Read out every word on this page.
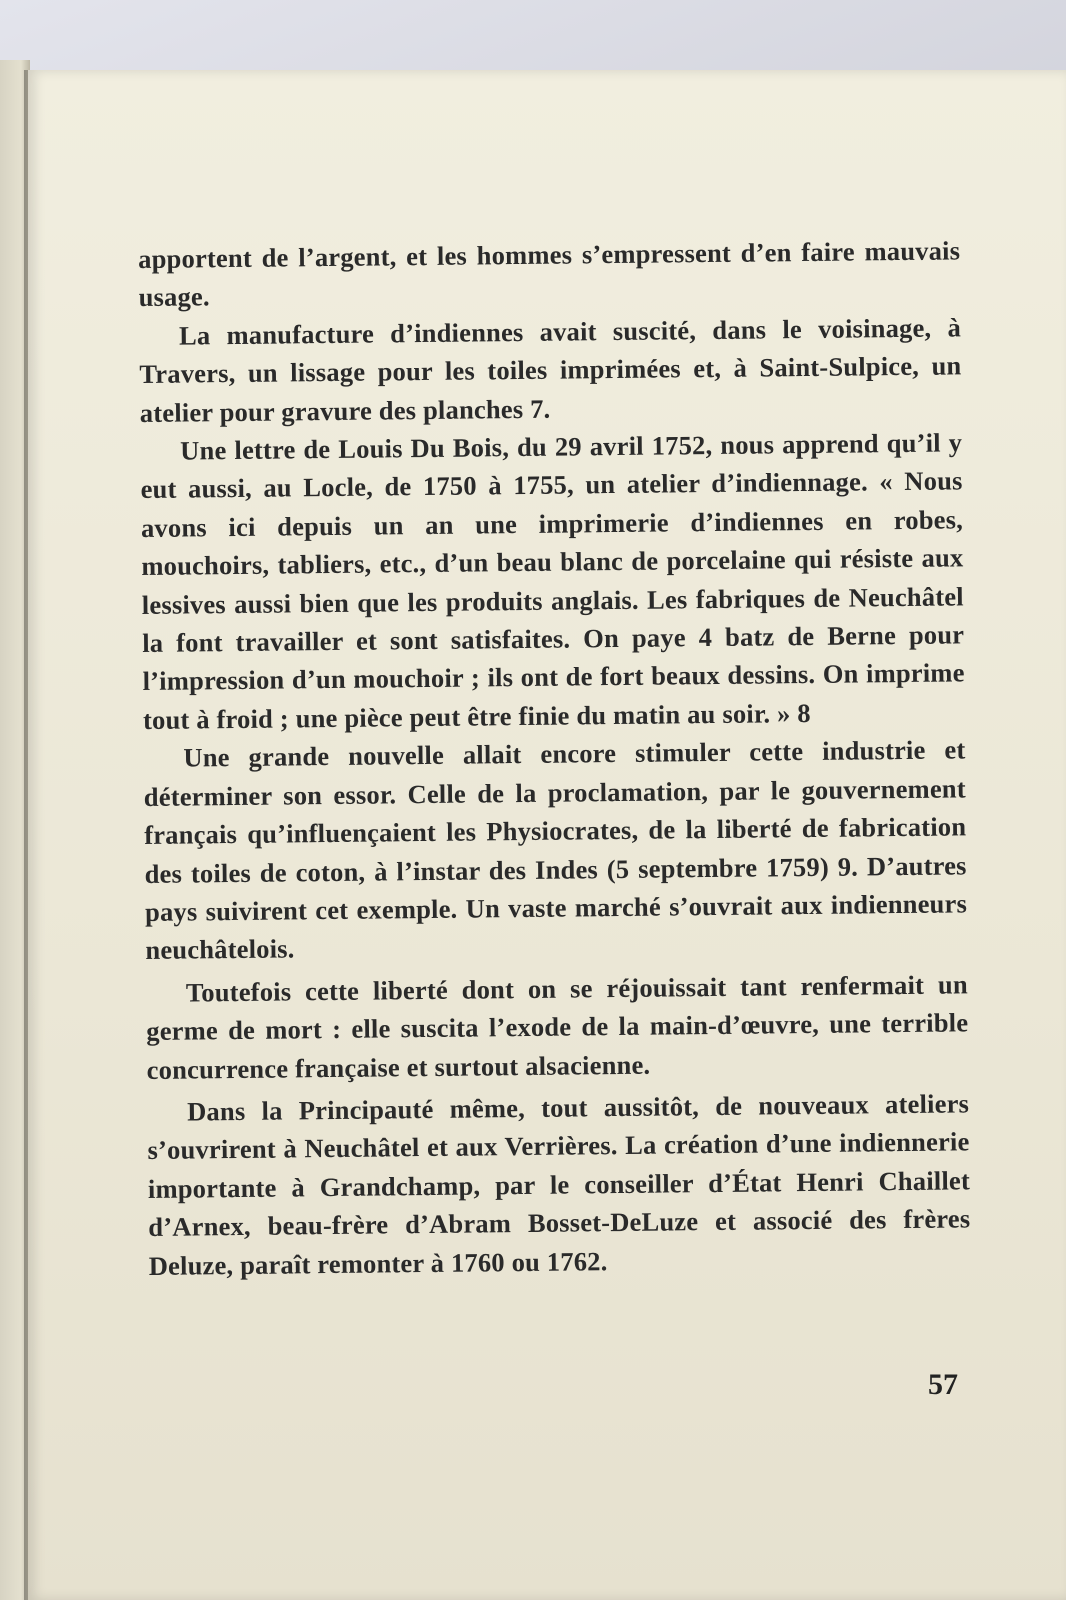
apportent de l’argent, et les hommes s’empressent d’en faire mauvais usage.

La manufacture d’indiennes avait suscité, dans le voisinage, à Travers, un lissage pour les toiles imprimées et, à Saint-Sulpice, un atelier pour gravure des planches 7.

Une lettre de Louis Du Bois, du 29 avril 1752, nous apprend qu’il y eut aussi, au Locle, de 1750 à 1755, un atelier d’indiennage. « Nous avons ici depuis un an une imprimerie d’indiennes en robes, mouchoirs, tabliers, etc., d’un beau blanc de porcelaine qui résiste aux lessives aussi bien que les produits anglais. Les fabriques de Neuchâtel la font travailler et sont satisfaites. On paye 4 batz de Berne pour l’impression d’un mouchoir ; ils ont de fort beaux dessins. On imprime tout à froid ; une pièce peut être finie du matin au soir. » 8

Une grande nouvelle allait encore stimuler cette industrie et déterminer son essor. Celle de la proclamation, par le gouvernement français qu’influençaient les Physiocrates, de la liberté de fabrication des toiles de coton, à l’instar des Indes (5 septembre 1759) 9. D’autres pays suivirent cet exemple. Un vaste marché s’ouvrait aux indienneurs neuchâtelois.

Toutefois cette liberté dont on se réjouissait tant renfermait un germe de mort : elle suscita l’exode de la main-d’œuvre, une terrible concurrence française et surtout alsacienne.

Dans la Principauté même, tout aussitôt, de nouveaux ateliers s’ouvrirent à Neuchâtel et aux Verrières. La création d’une indiennerie importante à Grandchamp, par le conseiller d’État Henri Chaillet d’Arnex, beau-frère d’Abram Bosset-DeLuze et associé des frères Deluze, paraît remonter à 1760 ou 1762.

57
